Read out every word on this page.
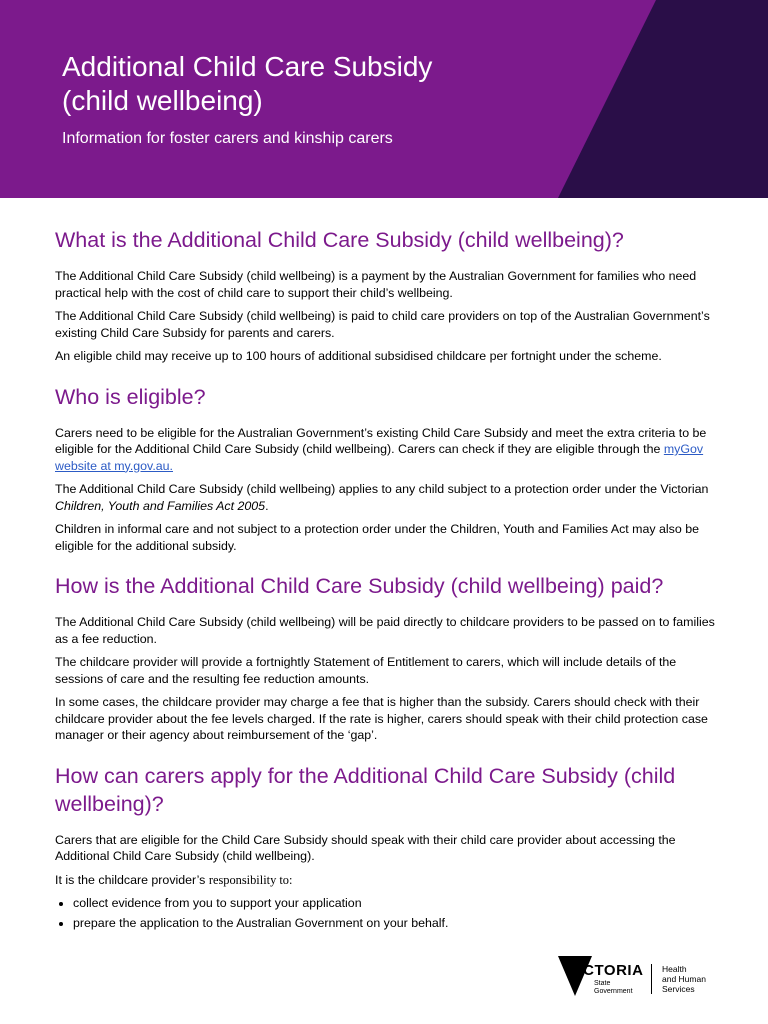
Additional Child Care Subsidy
(child wellbeing)

Information for foster carers and kinship carers

What is the Additional Child Care Subsidy (child wellbeing)?

The Additional Child Care Subsidy (child wellbeing) is a payment by the Australian Government for families who need practical help with the cost of child care to support their child’s wellbeing.

The Additional Child Care Subsidy (child wellbeing) is paid to child care providers on top of the Australian Government’s existing Child Care Subsidy for parents and carers.

An eligible child may receive up to 100 hours of additional subsidised childcare per fortnight under the scheme.

Who is eligible?

Carers need to be eligible for the Australian Government’s existing Child Care Subsidy and meet the extra criteria to be eligible for the Additional Child Care Subsidy (child wellbeing). Carers can check if they are eligible through the myGov website at my.gov.au.

The Additional Child Care Subsidy (child wellbeing) applies to any child subject to a protection order under the Victorian Children, Youth and Families Act 2005.

Children in informal care and not subject to a protection order under the Children, Youth and Families Act may also be eligible for the additional subsidy.

How is the Additional Child Care Subsidy (child wellbeing) paid?

The Additional Child Care Subsidy (child wellbeing) will be paid directly to childcare providers to be passed on to families as a fee reduction.

The childcare provider will provide a fortnightly Statement of Entitlement to carers, which will include details of the sessions of care and the resulting fee reduction amounts.

In some cases, the childcare provider may charge a fee that is higher than the subsidy. Carers should check with their childcare provider about the fee levels charged. If the rate is higher, carers should speak with their child protection case manager or their agency about reimbursement of the ‘gap’.

How can carers apply for the Additional Child Care Subsidy (child wellbeing)?

Carers that are eligible for the Child Care Subsidy should speak with their child care provider about accessing the Additional Child Care Subsidy (child wellbeing).

It is the childcare provider’s responsibility to:

• collect evidence from you to support your application
• prepare the application to the Australian Government on your behalf.
VICTORIA
State
Government
Health
and Human
Services
